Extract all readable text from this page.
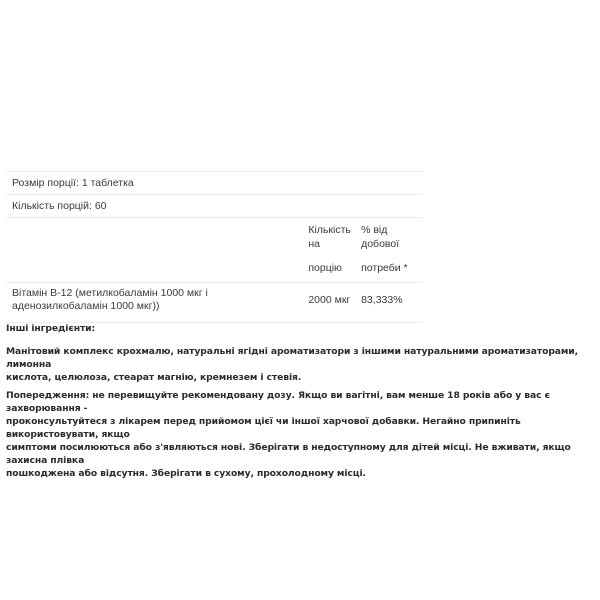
Розмір порції: 1 таблетка		
Кількість порцій: 60		
	Кількість
на
порцію	% від
добової
потреби *
Вітамін B-12 (метилкобаламін 1000 мкг і
аденозилкобаламін 1000 мкг))	2000 мкг	83,333%

Інші інгредієнти:

Манітовий комплекс крохмалю, натуральні ягідні ароматизатори з іншими натуральними ароматизаторами, лимонна
кислота, целюлоза, стеарат магнію, кремнезем і стевія.

Попередження: не перевищуйте рекомендовану дозу. Якщо ви вагітні, вам менше 18 років або у вас є захворювання -
проконсультуйтеся з лікарем перед прийомом цієї чи іншої харчової добавки. Негайно припиніть використовувати, якщо
симптоми посилюються або з'являються нові. Зберігати в недоступному для дітей місці. Не вживати, якщо захисна плівка
пошкоджена або відсутня. Зберігати в сухому, прохолодному місці.
